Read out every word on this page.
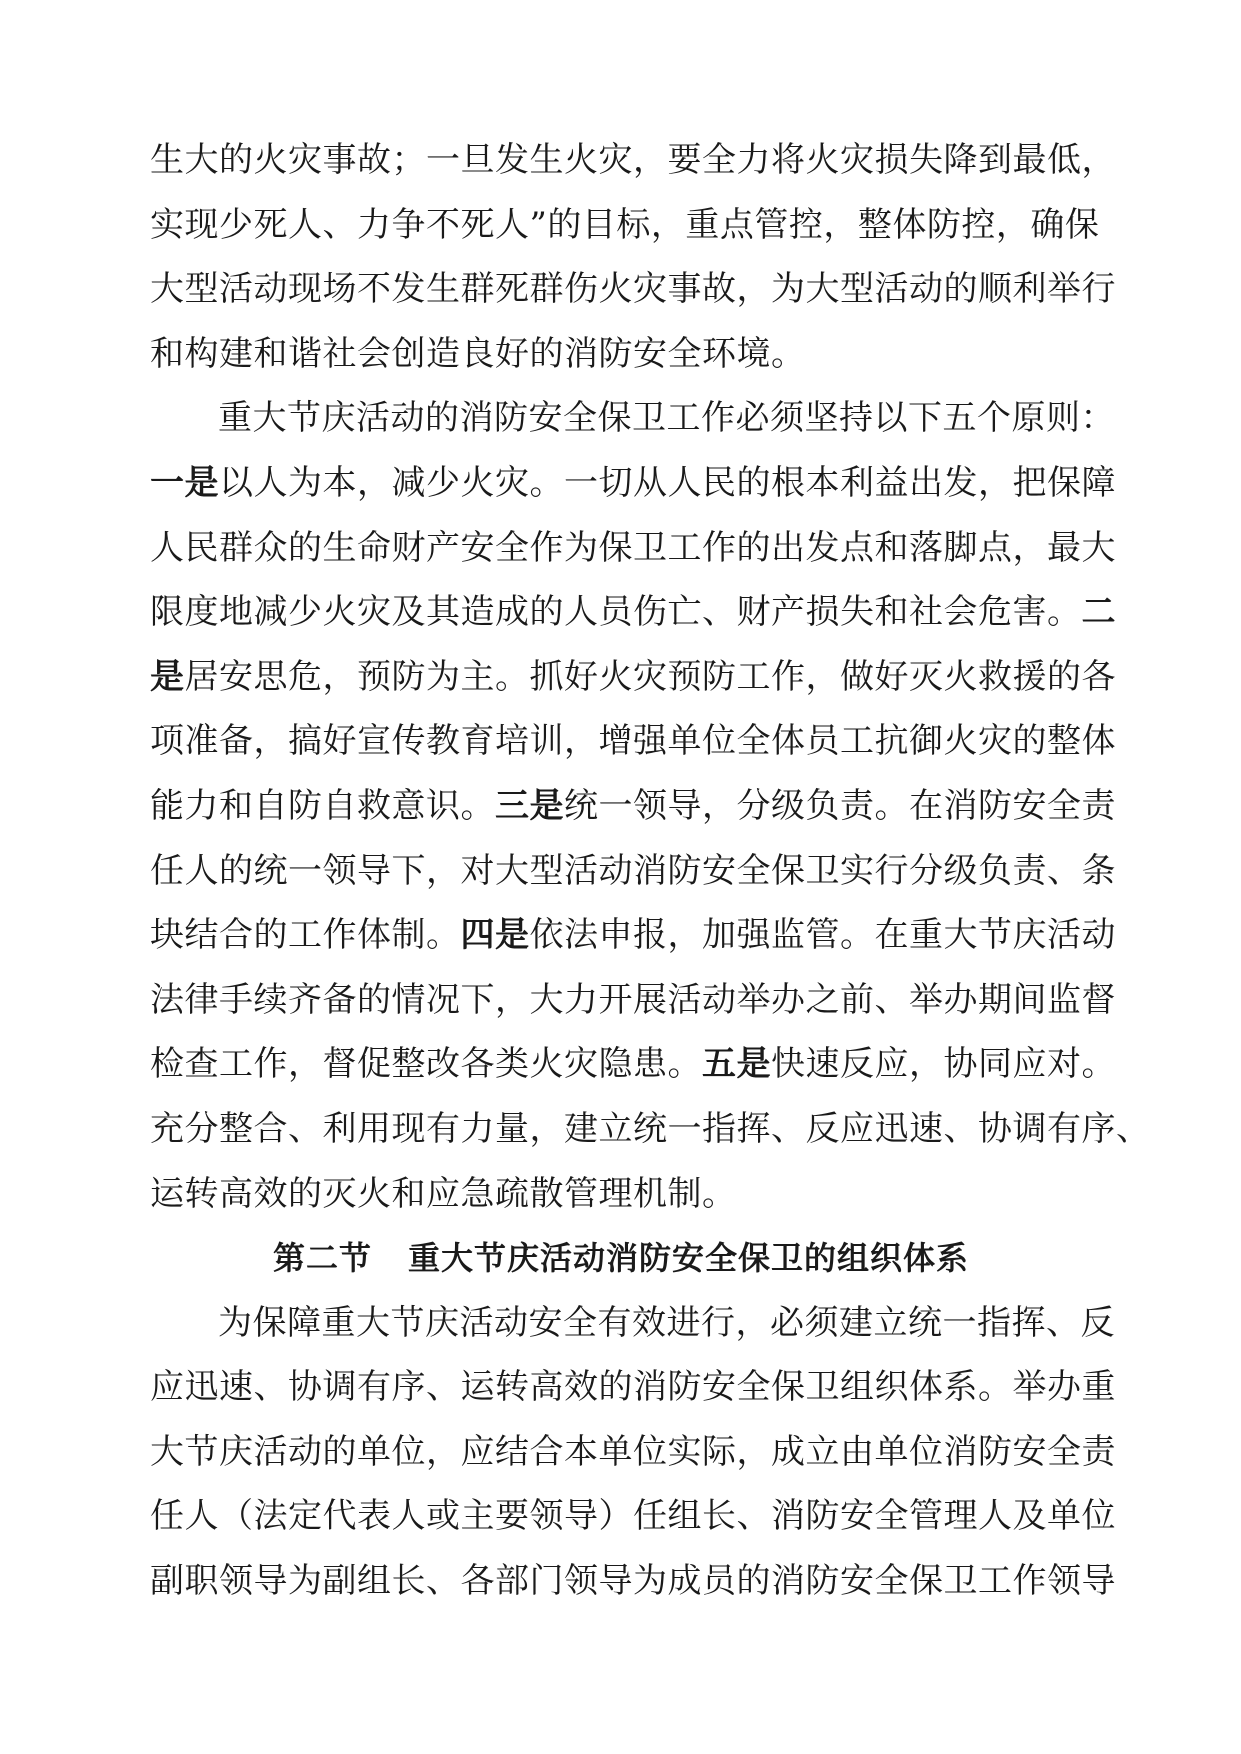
生大的火灾事故；一旦发生火灾，要全力将火灾损失降到最低，
实现少死人、力争不死人”的目标，重点管控，整体防控，确保
大型活动现场不发生群死群伤火灾事故，为大型活动的顺利举行
和构建和谐社会创造良好的消防安全环境。
重大节庆活动的消防安全保卫工作必须坚持以下五个原则：
一是以人为本，减少火灾。一切从人民的根本利益出发，把保障
人民群众的生命财产安全作为保卫工作的出发点和落脚点，最大
限度地减少火灾及其造成的人员伤亡、财产损失和社会危害。二
是居安思危，预防为主。抓好火灾预防工作，做好灭火救援的各
项准备，搞好宣传教育培训，增强单位全体员工抗御火灾的整体
能力和自防自救意识。三是统一领导，分级负责。在消防安全责
任人的统一领导下，对大型活动消防安全保卫实行分级负责、条
块结合的工作体制。四是依法申报，加强监管。在重大节庆活动
法律手续齐备的情况下，大力开展活动举办之前、举办期间监督
检查工作，督促整改各类火灾隐患。五是快速反应，协同应对。
充分整合、利用现有力量，建立统一指挥、反应迅速、协调有序、
运转高效的灭火和应急疏散管理机制。
第二节 重大节庆活动消防安全保卫的组织体系
为保障重大节庆活动安全有效进行，必须建立统一指挥、反
应迅速、协调有序、运转高效的消防安全保卫组织体系。举办重
大节庆活动的单位，应结合本单位实际，成立由单位消防安全责
任人（法定代表人或主要领导）任组长、消防安全管理人及单位
副职领导为副组长、各部门领导为成员的消防安全保卫工作领导
